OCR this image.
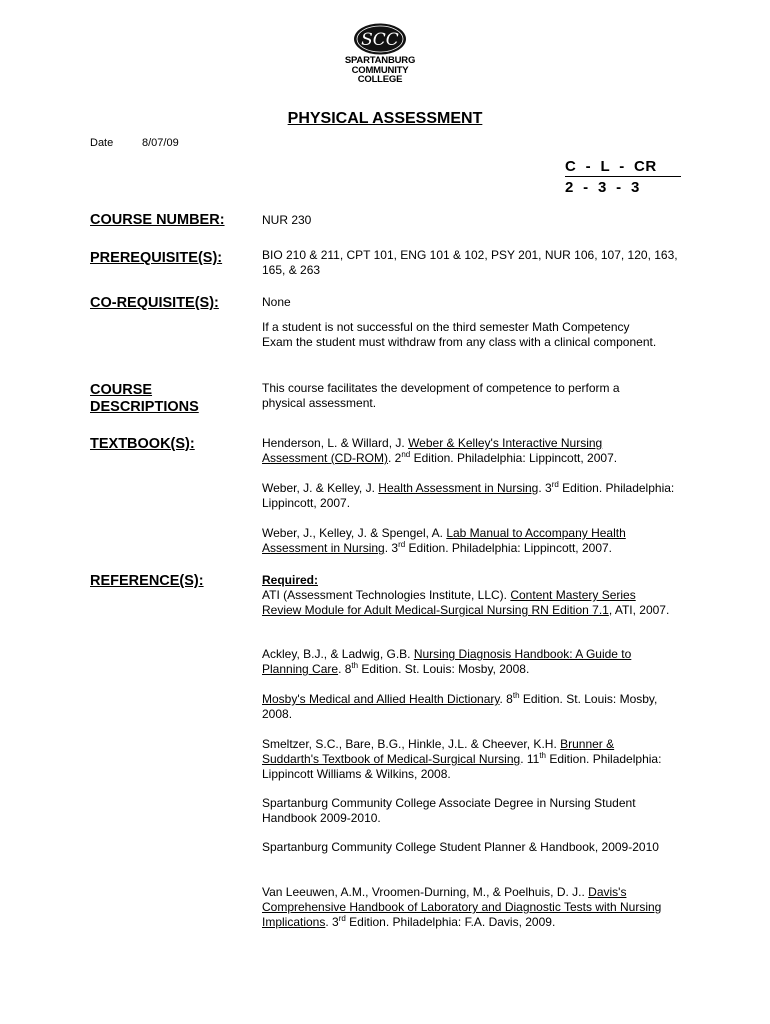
SCC
SPARTANBURG
COMMUNITY
COLLEGE
PHYSICAL ASSESSMENT
Date	8/07/09
C  -  L  -  CR
2  -  3  -  3
COURSE NUMBER:	NUR 230
PREREQUISITE(S):	BIO 210 & 211, CPT 101, ENG 101 & 102, PSY 201, NUR 106, 107, 120, 163, 165, & 263
CO-REQUISITE(S):	None
If a student is not successful on the third semester Math Competency Exam the student must withdraw from any class with a clinical component.
COURSE
DESCRIPTIONS
This course facilitates the development of competence to perform a physical assessment.
TEXTBOOK(S):	Henderson, L. & Willard, J. Weber & Kelley's Interactive Nursing Assessment (CD-ROM). 2nd Edition. Philadelphia: Lippincott, 2007.
Weber, J. & Kelley, J. Health Assessment in Nursing. 3rd Edition. Philadelphia: Lippincott, 2007.
Weber, J., Kelley, J. & Spengel, A. Lab Manual to Accompany Health Assessment in Nursing. 3rd Edition. Philadelphia: Lippincott, 2007.
REFERENCE(S):	Required:
ATI (Assessment Technologies Institute, LLC). Content Mastery Series Review Module for Adult Medical-Surgical Nursing RN Edition 7.1, ATI, 2007.
Ackley, B.J., & Ladwig, G.B. Nursing Diagnosis Handbook: A Guide to Planning Care. 8th Edition. St. Louis: Mosby, 2008.
Mosby's Medical and Allied Health Dictionary. 8th Edition. St. Louis: Mosby, 2008.
Smeltzer, S.C., Bare, B.G., Hinkle, J.L. & Cheever, K.H. Brunner & Suddarth's Textbook of Medical-Surgical Nursing. 11th Edition. Philadelphia: Lippincott Williams & Wilkins, 2008.
Spartanburg Community College Associate Degree in Nursing Student Handbook 2009-2010.
Spartanburg Community College Student Planner & Handbook, 2009-2010
Van Leeuwen, A.M., Vroomen-Durning, M., & Poelhuis, D. J.. Davis's Comprehensive Handbook of Laboratory and Diagnostic Tests with Nursing Implications. 3rd Edition. Philadelphia: F.A. Davis, 2009.
